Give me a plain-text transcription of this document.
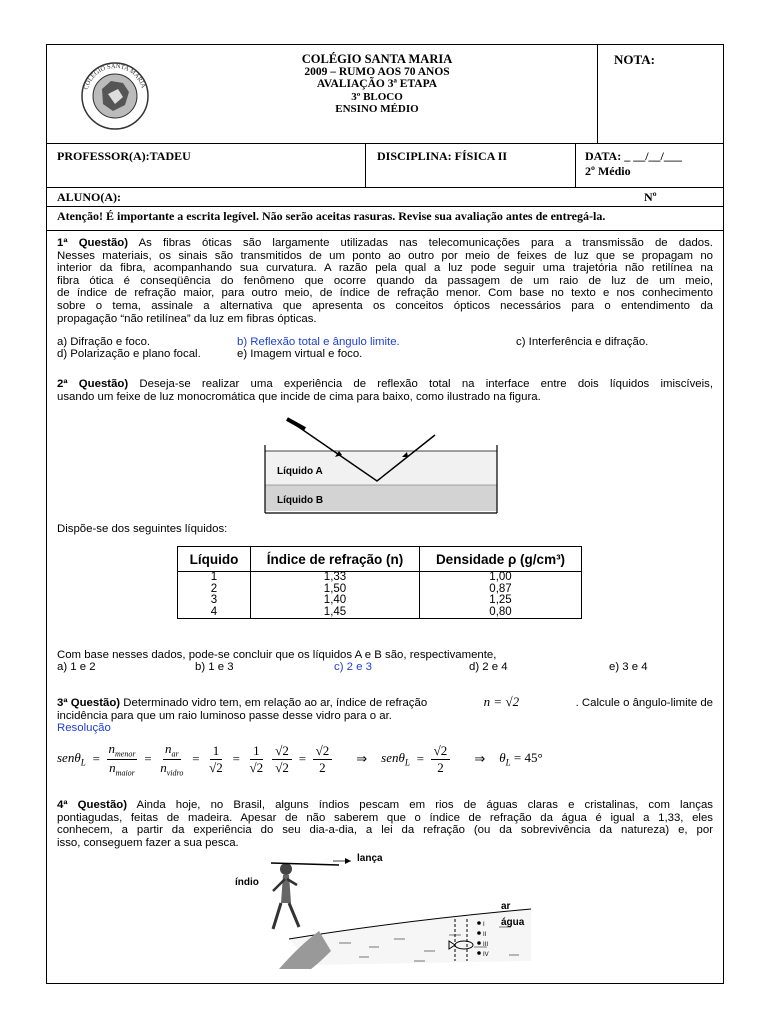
COLÉGIO SANTA MARIA
COLÉGIO SANTA MARIA
2009 – RUMO AOS 70 ANOS
AVALIAÇÃO 3ª ETAPA
3º BLOCO
ENSINO MÉDIO
NOTA:
PROFESSOR(A):TADEU	DISCIPLINA: FÍSICA II	DATA: _ __/__/___
2º Médio
ALUNO(A):	Nº
Atenção! É importante a escrita legível. Não serão aceitas rasuras. Revise sua avaliação antes de entregá-la.
1ª Questão) As fibras óticas são largamente utilizadas nas telecomunicações para a transmissão de dados.
Nesses materiais, os sinais são transmitidos de um ponto ao outro por meio de feixes de luz que se propagam no
interior da fibra, acompanhando sua curvatura. A razão pela qual a luz pode seguir uma trajetória não retilínea na
fibra ótica é conseqüência do fenômeno que ocorre quando da passagem de um raio de luz de um meio,
de índice de refração maior, para outro meio, de índice de refração menor. Com base no texto e nos conhecimento
sobre o tema, assinale a alternativa que apresenta os conceitos ópticos necessários para o entendimento da
propagação “não retilínea” da luz em fibras ópticas.
a) Difração e foco.	b) Reflexão total e ângulo limite.	c) Interferência e difração.
d) Polarização e plano focal.	e) Imagem virtual e foco.
2ª Questão) Deseja-se realizar uma experiência de reflexão total na interface entre dois líquidos imiscíveis,
usando um feixe de luz monocromática que incide de cima para baixo, como ilustrado na figura.
Líquido A
Líquido B
Dispõe-se dos seguintes líquidos:
Líquido	Índice de refração (n)	Densidade ρ (g/cm³)
1	1,33	1,00
2	1,50	0,87
3	1,40	1,25
4	1,45	0,80
Com base nesses dados, pode-se concluir que os líquidos A e B são, respectivamente,
a) 1 e 2	b) 1 e 3	c) 2 e 3	d) 2 e 4	e) 3 e 4
3ª Questão) Determinado vidro tem, em relação ao ar, índice de refração	n = √2	. Calcule o ângulo-limite de
incidência para que um raio luminoso passe desse vidro para o ar.
Resolução
senθ$_L$ =
$n_{menor}$
$n_{maior}$
=
$n_{ar}$
$n_{vidro}$
= $\frac{1}{√2} = \frac{1}{√2} \frac{√2}{√2} = \frac{√2}{2}$ ⇒ $sen\theta_L = \frac{√2}{2}$ ⇒ $\theta_L = 45^\circ$
4ª Questão) Ainda hoje, no Brasil, alguns índios pescam em rios de águas claras e cristalinas, com lanças
pontiagudas, feitas de madeira. Apesar de não saberem que o índice de refração da água é igual a 1,33, eles
conhecem, a partir da experiência do seu dia-a-dia, a lei da refração (ou da sobrevivência da natureza) e, por
isso, conseguem fazer a sua pesca.
lança
índio
ar
água
I
II
III
IV
